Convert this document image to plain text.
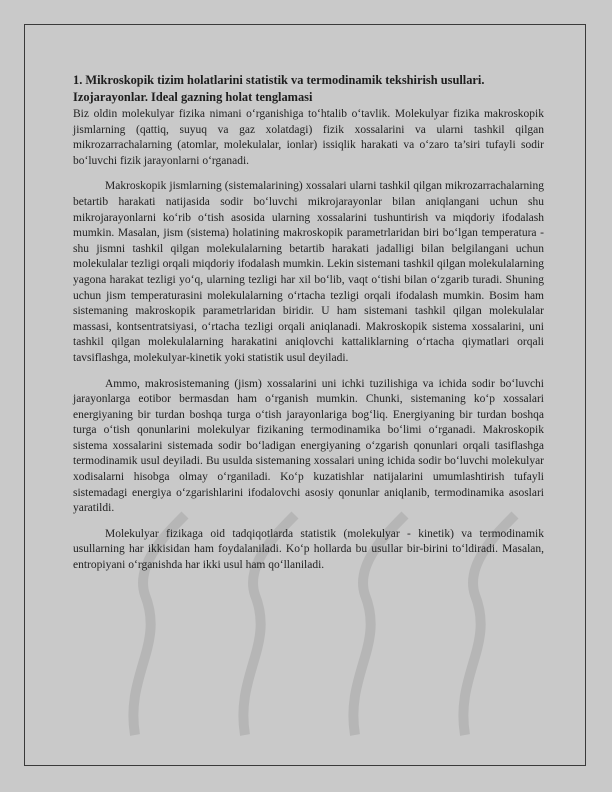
1. Mikroskopik tizim holatlarini statistik va termodinamik tekshirish usullari. Izojarayonlar. Ideal gazning holat tenglamasi

Biz oldin molekulyar fizika nimani o‘rganishiga to‘htalib o‘tavlik. Molekulyar fizika makroskopik jismlarning (qattiq, suyuq va gaz xolatdagi) fizik xossalarini va ularni tashkil qilgan mikrozarrachalarning (atomlar, molekulalar, ionlar) issiqlik harakati va o‘zaro ta’siri tufayli sodir bo‘luvchi fizik jarayonlarni o‘rganadi.

Makroskopik jismlarning (sistemalarining) xossalari ularni tashkil qilgan mikrozarrachalarning betartib harakati natijasida sodir bo‘luvchi mikrojarayonlar bilan aniqlangani uchun shu mikrojarayonlarni ko‘rib o‘tish asosida ularning xossalarini tushuntirish va miqdoriy ifodalash mumkin. Masalan, jism (sistema) holatining makroskopik parametrlaridan biri bo‘lgan temperatura - shu jismni tashkil qilgan molekulalarning betartib harakati jadalligi bilan belgilangani uchun molekulalar tezligi orqali miqdoriy ifodalash mumkin. Lekin sistemani tashkil qilgan molekulalarning yagona harakat tezligi yo‘q, ularning tezligi har xil bo‘lib, vaqt o‘tishi bilan o‘zgarib turadi. Shuning uchun jism temperaturasini molekulalarning o‘rtacha tezligi orqali ifodalash mumkin. Bosim ham sistemaning makroskopik parametrlaridan biridir. U ham sistemani tashkil qilgan molekulalar massasi, kontsentratsiyasi, o‘rtacha tezligi orqali aniqlanadi. Makroskopik sistema xossalarini, uni tashkil qilgan molekulalarning harakatini aniqlovchi kattaliklarning o‘rtacha qiymatlari orqali tavsiflashga, molekulyar-kinetik yoki statistik usul deyiladi.

Ammo, makrosistemaning (jism) xossalarini uni ichki tuzilishiga va ichida sodir bo‘luvchi jarayonlarga eotibor bermasdan ham o‘rganish mumkin. Chunki, sistemaning ko‘p xossalari energiyaning bir turdan boshqa turga o‘tish jarayonlariga bog‘liq. Energiyaning bir turdan boshqa turga o‘tish qonunlarini molekulyar fizikaning termodinamika bo‘limi o‘rganadi. Makroskopik sistema xossalarini sistemada sodir bo‘ladigan energiyaning o‘zgarish qonunlari orqali tasiflashga termodinamik usul deyiladi. Bu usulda sistemaning xossalari uning ichida sodir bo‘luvchi molekulyar xodisalarni hisobga olmay o‘rganiladi. Ko‘p kuzatishlar natijalarini umumlashtirish tufayli sistemadagi energiya o‘zgarishlarini ifodalovchi asosiy qonunlar aniqlanib, termodinamika asoslari yaratildi.

Molekulyar fizikaga oid tadqiqotlarda statistik (molekulyar - kinetik) va termodinamik usullarning har ikkisidan ham foydalaniladi. Ko‘p hollarda bu usullar bir-birini to‘ldiradi. Masalan, entropiyani o‘rganishda har ikki usul ham qo‘llaniladi.
